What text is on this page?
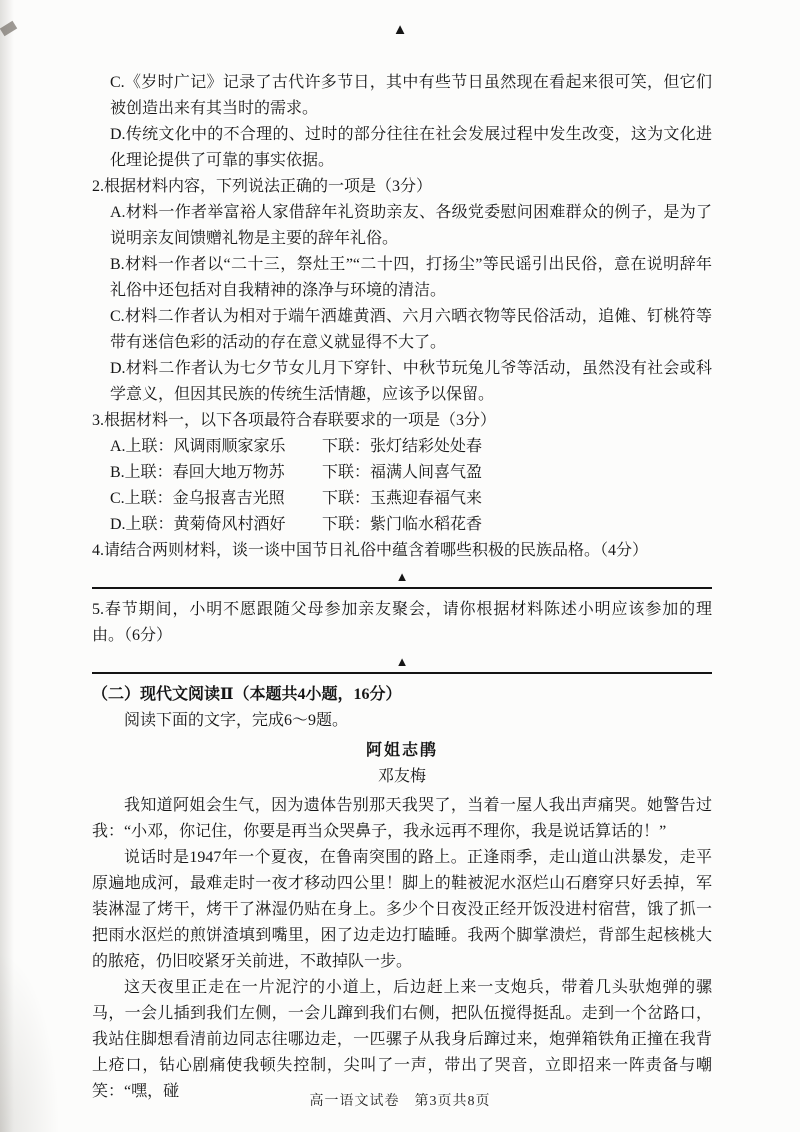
▲
C.《岁时广记》记录了古代许多节日，其中有些节日虽然现在看起来很可笑，但它们被创造出来有其当时的需求。
D.传统文化中的不合理的、过时的部分往往在社会发展过程中发生改变，这为文化进化理论提供了可靠的事实依据。
2.根据材料内容，下列说法正确的一项是（3分）
A.材料一作者举富裕人家借辞年礼资助亲友、各级党委慰问困难群众的例子，是为了说明亲友间馈赠礼物是主要的辞年礼俗。
B.材料一作者以“二十三，祭灶王”“二十四，打扬尘”等民谣引出民俗，意在说明辞年礼俗中还包括对自我精神的涤净与环境的清洁。
C.材料二作者认为相对于端午洒雄黄酒、六月六晒衣物等民俗活动，追傩、钉桃符等带有迷信色彩的活动的存在意义就显得不大了。
D.材料二作者认为七夕节女儿月下穿针、中秋节玩兔儿爷等活动，虽然没有社会或科学意义，但因其民族的传统生活情趣，应该予以保留。
3.根据材料一，以下各项最符合春联要求的一项是（3分）
A.上联：风调雨顺家家乐	下联：张灯结彩处处春
B.上联：春回大地万物苏	下联：福满人间喜气盈
C.上联：金乌报喜吉光照	下联：玉燕迎春福气来
D.上联：黄菊倚风村酒好	下联：紫门临水稻花香
4.请结合两则材料，谈一谈中国节日礼俗中蕴含着哪些积极的民族品格。（4分）
▲
5.春节期间，小明不愿跟随父母参加亲友聚会，请你根据材料陈述小明应该参加的理由。（6分）
▲
（二）现代文阅读Ⅱ（本题共4小题，16分）
阅读下面的文字，完成6～9题。
阿姐志鹃
邓友梅

我知道阿姐会生气，因为遗体告别那天我哭了，当着一屋人我出声痛哭。她警告过我：“小邓，你记住，你要是再当众哭鼻子，我永远再不理你，我是说话算话的！”

说话时是1947年一个夏夜，在鲁南突围的路上。正逢雨季，走山道山洪暴发，走平原遍地成河，最难走时一夜才移动四公里！脚上的鞋被泥水沤烂山石磨穿只好丢掉，军装淋湿了烤干，烤干了淋湿仍贴在身上。多少个日夜没正经开饭没进村宿营，饿了抓一把雨水沤烂的煎饼渣填到嘴里，困了边走边打瞌睡。我两个脚掌溃烂，背部生起核桃大的脓疮，仍旧咬紧牙关前进，不敢掉队一步。

这天夜里正走在一片泥泞的小道上，后边赶上来一支炮兵，带着几头驮炮弹的骡马，一会儿插到我们左侧，一会儿蹿到我们右侧，把队伍搅得挺乱。走到一个岔路口，我站住脚想看清前边同志往哪边走，一匹骡子从我身后蹿过来，炮弹箱铁角正撞在我背上疮口，钻心剧痛使我顿失控制，尖叫了一声，带出了哭音，立即招来一阵责备与嘲笑：“嘿，碰

高一语文试卷　第3页共8页
